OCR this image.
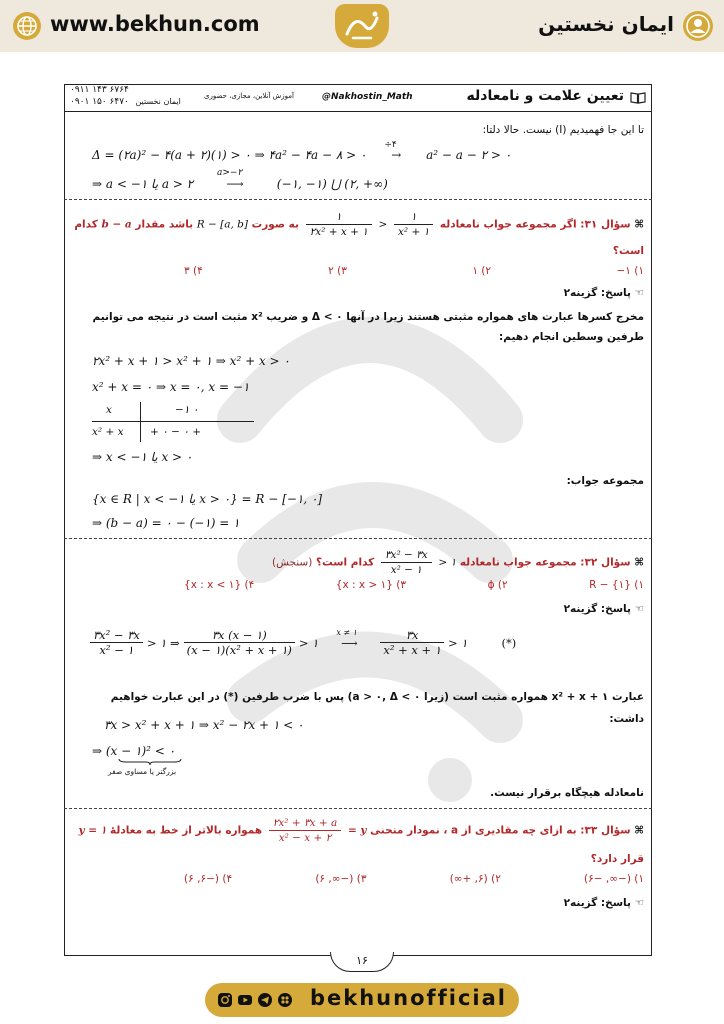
www.bekhun.com	ایمان نخستین
تعیین علامت و نامعادله
@Nakhostin_Math
آموزش آنلاین، مجازی، حضوری
۰۹۱۱ ۱۴۳ ۶۷۶۴
۰۹۰۱ ۱۵۰ ۶۴۷۰ ایمان نخستین
تا این جا فهمیدیم (I) نیست. حالا دلتا:
Δ = (۲a)² − ۴(a + ۲)(۱) > ۰ ⇒ ۴a² − ۴a − ۸ > ۰
÷۴
→ a² − a − ۲ > ۰
⇒ a < −۱ یا a > ۲
a>−۲
⟶	(−۱, −۱) ⋃ (۲, +∞)
⌘ سؤال ۳۱: اگر مجموعه جواب نامعادله
۱
x² + ۱
<
۱
۲x² + x + ۱
به صورت R − [a, b] باشد مقدار b − a کدام
است؟
۱) ۱−
۲) ۱
۳) ۲
۴) ۳
☜ پاسخ: گزینه۲
مخرج کسرها عبارت های همواره مثبتی هستند زیرا در آنها ۰ > Δ و ضریب x² مثبت است در نتیجه می توانیم
طرفین وسطین انجام دهیم:
۲x² + x + ۱ > x² + ۱ ⇒ x² + x > ۰
x² + x = ۰ ⇒ x = ۰, x = −۱
x	−۱ ۰
x² + x	+ ۰ − ۰ +
⇒ x < −۱ یا x > ۰
مجموعه جواب:
{x ∈ R | x < −۱ یا x > ۰} = R − [−۱, ۰]
⇒ (b − a) = ۰ − (−۱) = ۱
⌘ سؤال ۳۲: مجموعه جواب نامعادله ۱ <
$\frac{\text{۳x² − ۳x}}{\text{x² − ۱}}$
کدام است؟ (سنجش)
۱) R − {۱}
۲) ϕ
۳) {x : x > ۱}
۴) {x : x < ۱}
☜ پاسخ: گزینه۲
$\frac{\text{۳x² − ۳x}}{\text{x² − ۱}}$ > ۱ ⇒ $\frac{۳x (x - ۱)}{\text{(x − ۱)(x² + x + ۱)}}$ > ۱
x ≠ ۱
⟶	$\frac{۳x}{\text{x² + x + ۱}}$ > ۱	(*)
عبارت x² + x + ۱ همواره مثبت است (زیرا a > ۰, Δ < ۰) پس با ضرب طرفین (*) در این عبارت خواهیم
داشت:
۳x > x² + x + ۱ ⇒ x² − ۲x + ۱ < ۰
⇒ (x − ۱)² < ۰
بزرگتر یا مساوی صفر
نامعادله هیچگاه برقرار نیست.
⌘ سؤال ۳۳: به ازای چه مقادیری از a ، نمودار منحنی y =
$\frac{\text{۲x² + ۳x + a}}{\text{x² − x + ۲}}$
همواره بالاتر از خط به معادلهٔ y = ۱
قرار دارد؟
۱) (−∞, −۶)
۲) (۶, +∞)
۳) (−∞, ۶)
۴) (−۶, ۶)
☜ پاسخ: گزینه۲
۱۶
bekhunofficial
